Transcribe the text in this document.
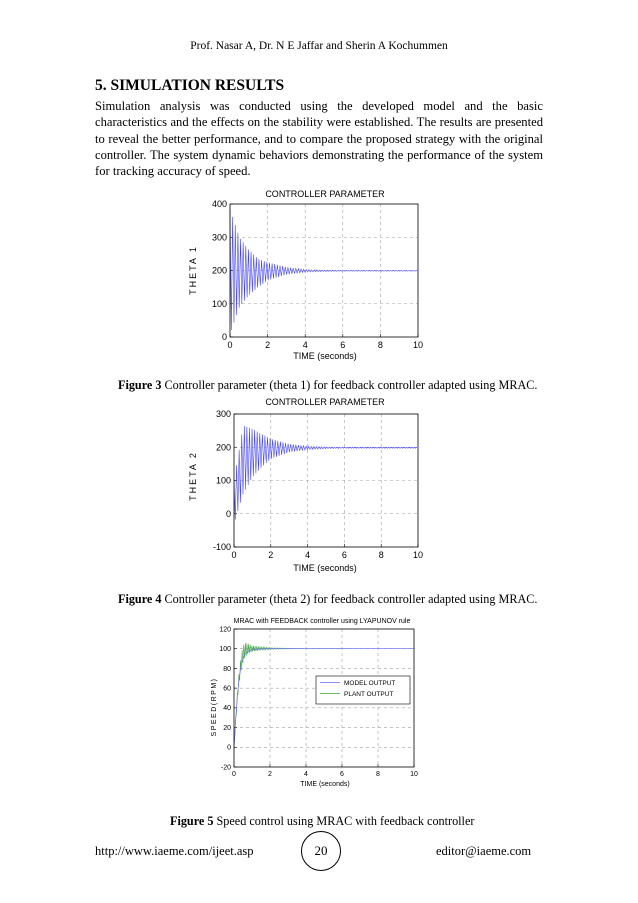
Prof. Nasar A, Dr. N E Jaffar and Sherin A Kochummen
5. SIMULATION RESULTS

Simulation analysis was conducted using the developed model and the basic characteristics and the effects on the stability were established. The results are presented to reveal the better performance, and to compare the proposed strategy with the original controller. The system dynamic behaviors demonstrating the performance of the system for tracking accuracy of speed.

CONTROLLER PARAMETER
THETA 1
TIME (seconds)
0	2	4	6	8	10
0
100
200
300
400
Figure 3 Controller parameter (theta 1) for feedback controller adapted using MRAC.
CONTROLLER PARAMETER
THETA 2
TIME (seconds)
0	2	4	6	8	10
-100
0
100
200
300
Figure 4 Controller parameter (theta 2) for feedback controller adapted using MRAC.
MRAC with FEEDBACK controller using LYAPUNOV rule
SPEED(RPM)
TIME (seconds)
0	2	4	6	8	10
-20
0
20
40
60
80
100
120
MODEL OUTPUT
PLANT OUTPUT
Figure 5 Speed control using MRAC with feedback controller
http://www.iaeme.com/ijeet.asp	20	editor@iaeme.com
